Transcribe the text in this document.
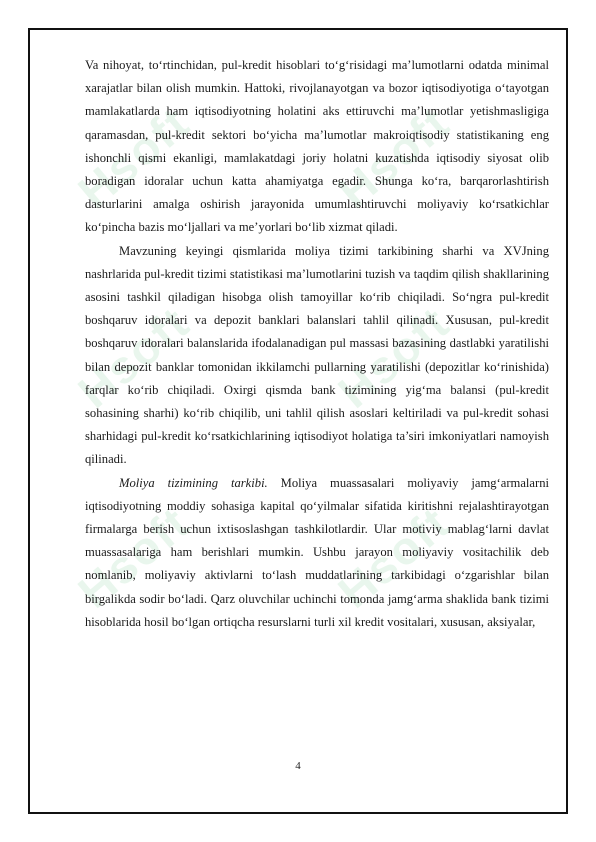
Hsoft	Hsoft
Hsoft	Hsoft
Hsoft	Hsoft

Va nihoyat, to‘rtinchidan, pul-kredit hisoblari to‘g‘risidagi ma’lumotlarni odatda minimal xarajatlar bilan olish mumkin. Hattoki, rivojlanayotgan va bozor iqtisodiyotiga o‘tayotgan mamlakatlarda ham iqtisodiyotning holatini aks ettiruvchi ma’lumotlar yetishmasligiga qaramasdan, pul-kredit sektori bo‘yicha ma’lumotlar makroiqtisodiy statistikaning eng ishonchli qismi ekanligi, mamlakatdagi joriy holatni kuzatishda iqtisodiy siyosat olib boradigan idoralar uchun katta ahamiyatga egadir. Shunga ko‘ra, barqarorlashtirish dasturlarini amalga oshirish jarayonida umumlashtiruvchi moliyaviy ko‘rsatkichlar ko‘pincha bazis mo‘ljallari va me’yorlari bo‘lib xizmat qiladi.

Mavzuning keyingi qismlarida moliya tizimi tarkibining sharhi va XVJning nashrlarida pul-kredit tizimi statistikasi ma’lumotlarini tuzish va taqdim qilish shakllarining asosini tashkil qiladigan hisobga olish tamoyillar ko‘rib chiqiladi. So‘ngra pul-kredit boshqaruv idoralari va depozit banklari balanslari tahlil qilinadi. Xususan, pul-kredit boshqaruv idoralari balanslarida ifodalanadigan pul massasi bazasining dastlabki yaratilishi bilan depozit banklar tomonidan ikkilamchi pullarning yaratilishi (depozitlar ko‘rinishida) farqlar ko‘rib chiqiladi. Oxirgi qismda bank tizimining yig‘ma balansi (pul-kredit sohasining sharhi) ko‘rib chiqilib, uni tahlil qilish asoslari keltiriladi va pul-kredit sohasi sharhidagi pul-kredit ko‘rsatkichlarining iqtisodiyot holatiga ta’siri imkoniyatlari namoyish qilinadi.

Moliya tizimining tarkibi. Moliya muassasalari moliyaviy jamg‘armalarni iqtisodiyotning moddiy sohasiga kapital qo‘yilmalar sifatida kiritishni rejalashtirayotgan firmalarga berish uchun ixtisoslashgan tashkilotlardir. Ular motiviy mablag‘larni davlat muassasalariga ham berishlari mumkin. Ushbu jarayon moliyaviy vositachilik deb nomlanib, moliyaviy aktivlarni to‘lash muddatlarining tarkibidagi o‘zgarishlar bilan birgalikda sodir bo‘ladi. Qarz oluvchilar uchinchi tomonda jamg‘arma shaklida bank tizimi hisoblarida hosil bo‘lgan ortiqcha resurslarni turli xil kredit vositalari, xususan, aksiyalar,

4
